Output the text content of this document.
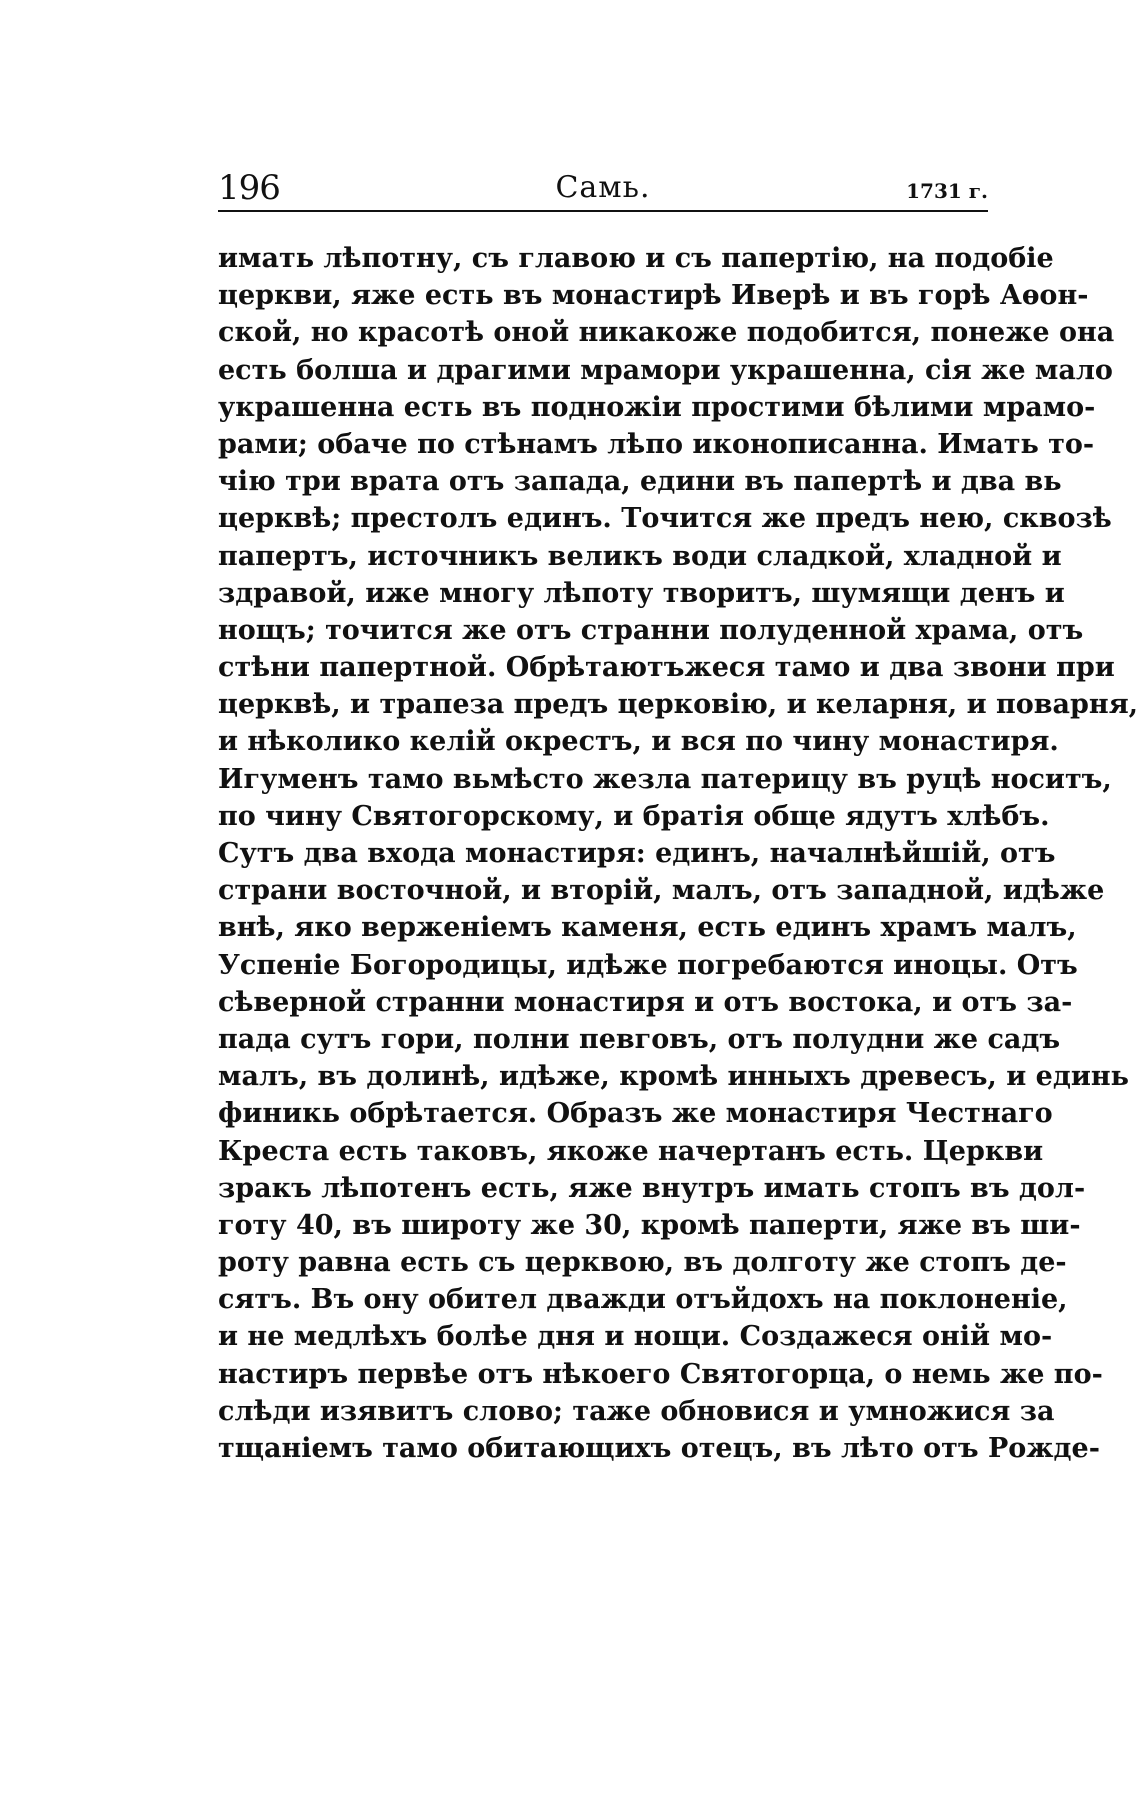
196	Самь.	1731 г.
имать лѣпотну, съ главою и съ папертію, на подобіе
церкви, яже есть въ монастирѣ Иверѣ и въ горѣ Аѳон-
ской, но красотѣ оной никакоже подобится, понеже она
есть болша и драгими мрамори украшенна, сія же мало
украшенна есть въ подножіи простими бѣлими мрамо-
рами; обаче по стѣнамъ лѣпо иконописанна. Имать то-
чію три врата отъ запада, едини въ папертѣ и два вь
церквѣ; престолъ единъ. Точится же предъ нею, сквозѣ
папертъ, источникъ великъ води сладкой, хладной и
здравой, иже многу лѣпоту творитъ, шумящи денъ и
нощъ; точится же отъ странни полуденной храма, отъ
стѣни папертной. Обрѣтаютъжеся тамо и два звони при
церквѣ, и трапеза предъ церковію, и келарня, и поварня,
и нѣколико келій окрестъ, и вся по чину монастиря.
Игуменъ тамо вьмѣсто жезла патерицу въ руцѣ носитъ,
по чину Святогорскому, и братія обще ядутъ хлѣбъ.
Сутъ два входа монастиря: единъ, началнѣйшій, отъ
страни восточной, и вторій, малъ, отъ западной, идѣже
внѣ, яко верженіемъ каменя, есть единъ храмъ малъ,
Успеніе Богородицы, идѣже погребаются иноцы. Отъ
сѣверной странни монастиря и отъ востока, и отъ за-
пада сутъ гори, полни певговъ, отъ полудни же садъ
малъ, въ долинѣ, идѣже, кромѣ инныхъ древесъ, и единь
финикь обрѣтается. Образъ же монастиря Честнаго
Креста есть таковъ, якоже начертанъ есть. Церкви
зракъ лѣпотенъ есть, яже внутръ имать стопъ въ дол-
готу 40, въ широту же 30, кромѣ паперти, яже въ ши-
роту равна есть съ церквою, въ долготу же стопъ де-
сятъ. Въ ону обител дважди отъйдохъ на поклоненіе,
и не медлѣхъ болѣе дня и нощи. Создажеся оній мо-
настиръ первѣе отъ нѣкоего Святогорца, о немь же по-
слѣди изявитъ слово; таже обновися и умножися за
тщаніемъ тамо обитающихъ отецъ, въ лѣто отъ Рожде-
